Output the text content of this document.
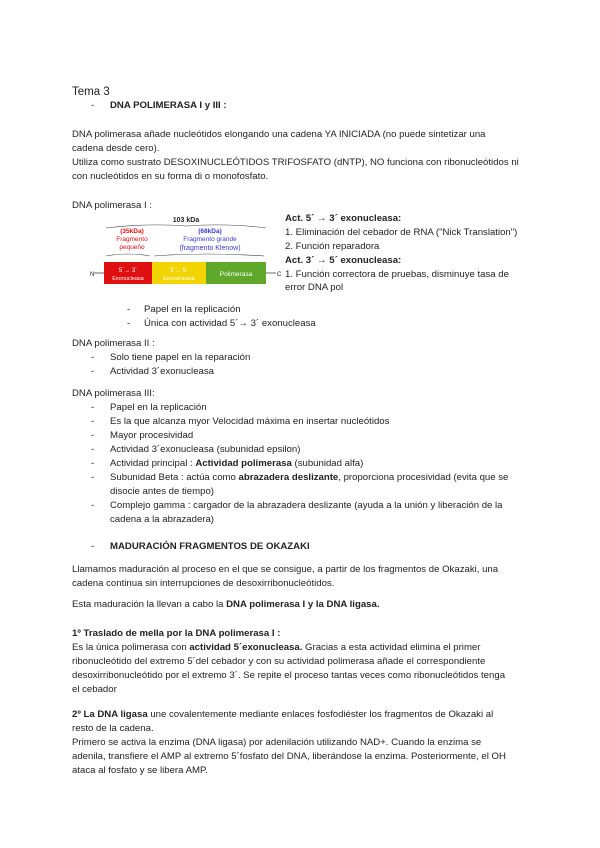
Tema 3
- DNA POLIMERASA I y III :
DNA polimerasa añade nucleótidos elongando una cadena YA INICIADA (no puede sintetizar una
cadena desde cero).
Utiliza como sustrato DESOXINUCLEÓTIDOS TRIFOSFATO (dNTP), NO funciona con ribonucleótidos ni
con nucleótidos en su forma di o monofosfato.
DNA polimerasa I :
103 kDa
(35kDa)
Fragmento
pequeño
(68kDa)
Fragmento grande
(fragmento Klenow)
N	C
5´→ 3´
Exonucleasa
3´→ 5´
Exonucleasa
Polimerasa
Act. 5´ → 3´ exonucleasa:
1. Eliminación del cebador de RNA ("Nick Translation")
2. Función reparadora
Act. 3´ → 5´ exonucleasa:
1. Función correctora de pruebas, disminuye tasa de
error DNA pol
- Papel en la replicación
- Única con actividad 5´→ 3´ exonucleasa
DNA polimerasa II :
- Solo tiene papel en la reparación
- Actividad 3´exonucleasa
DNA polimerasa III:
- Papel en la replicación
- Es la que alcanza myor Velocidad máxima en insertar nucleótidos
- Mayor procesividad
- Actividad 3´exonucleasa (subunidad epsilon)
- Actividad principal : Actividad polimerasa (subunidad alfa)
- Subunidad Beta : actúa como abrazadera deslizante, proporciona procesividad (evita que se
disocie antes de tiempo)
- Complejo gamma : cargador de la abrazadera deslizante (ayuda a la unión y liberación de la
cadena a la abrazadera)
- MADURACIÓN FRAGMENTOS DE OKAZAKI
Llamamos maduración al proceso en el que se consigue, a partir de los fragmentos de Okazaki, una
cadena continua sin interrupciones de desoxirribonucleótidos.
Esta maduración la llevan a cabo la DNA polimerasa I y la DNA ligasa.
1º Traslado de mella por la DNA polimerasa I :
Es la única polimerasa con actividad 5´exonucleasa. Gracias a esta actividad elimina el primer
ribonucleótido del extremo 5´del cebador y con su actividad polimerasa añade el correspondiente
desoxirribonucleótido por el extremo 3´. Se repite el proceso tantas veces como ribonucleótidos tenga
el cebador
2º La DNA ligasa une covalentemente mediante enlaces fosfodiéster los fragmentos de Okazaki al
resto de la cadena.
Primero se activa la enzima (DNA ligasa) por adenilación utilizando NAD+. Cuando la enzima se
adenila, transfiere el AMP al extremo 5´fosfato del DNA, liberándose la enzima. Posteriormente, el OH
ataca al fosfato y se libera AMP.
